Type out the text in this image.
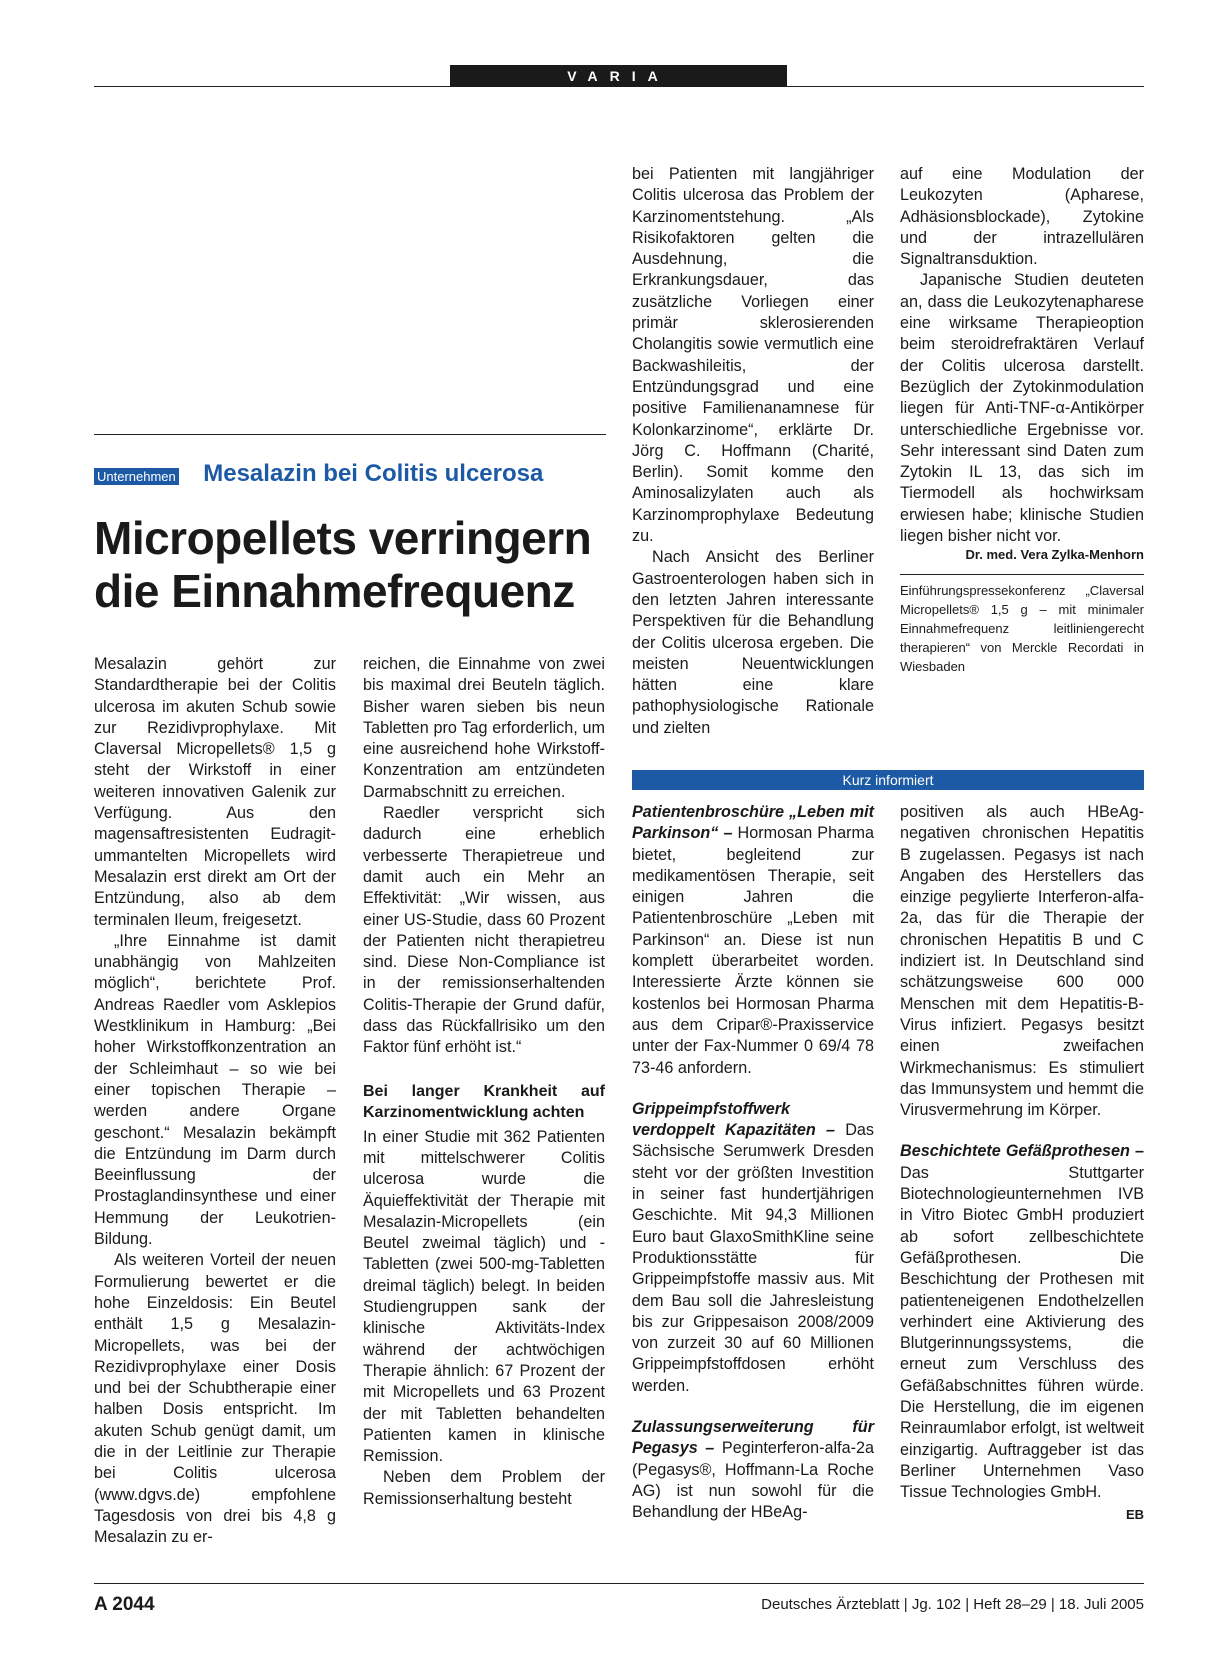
VARIA
Unternehmen Mesalazin bei Colitis ulcerosa
Micropellets verringern
die Einnahmefrequenz

Mesalazin gehört zur Standardtherapie bei der Colitis ulcerosa im akuten Schub sowie zur Rezidivprophylaxe. Mit Claversal Micropellets® 1,5 g steht der Wirkstoff in einer weiteren innovativen Galenik zur Verfügung. Aus den magensaftresistenten Eudragit-ummantelten Micropellets wird Mesalazin erst direkt am Ort der Entzündung, also ab dem terminalen Ileum, freigesetzt.

„Ihre Einnahme ist damit unabhängig von Mahlzeiten möglich“, berichtete Prof. Andreas Raedler vom Asklepios Westklinikum in Hamburg: „Bei hoher Wirkstoffkonzentration an der Schleimhaut – so wie bei einer topischen Therapie – werden andere Organe geschont.“ Mesalazin bekämpft die Entzündung im Darm durch Beeinflussung der Prostaglandinsynthese und einer Hemmung der Leukotrien-Bildung.

Als weiteren Vorteil der neuen Formulierung bewertet er die hohe Einzeldosis: Ein Beutel enthält 1,5 g Mesalazin-Micropellets, was bei der Rezidivprophylaxe einer Dosis und bei der Schubtherapie einer halben Dosis entspricht. Im akuten Schub genügt damit, um die in der Leitlinie zur Therapie bei Colitis ulcerosa (www.dgvs.de) empfohlene Tagesdosis von drei bis 4,8 g Mesalazin zu er-

reichen, die Einnahme von zwei bis maximal drei Beuteln täglich. Bisher waren sieben bis neun Tabletten pro Tag erforderlich, um eine ausreichend hohe Wirkstoff-Konzentration am entzündeten Darmabschnitt zu erreichen.

Raedler verspricht sich dadurch eine erheblich verbesserte Therapietreue und damit auch ein Mehr an Effektivität: „Wir wissen, aus einer US-Studie, dass 60 Prozent der Patienten nicht therapietreu sind. Diese Non-Compliance ist in der remissionserhaltenden Colitis-Therapie der Grund dafür, dass das Rückfallrisiko um den Faktor fünf erhöht ist.“

Bei langer Krankheit auf Karzinomentwicklung achten

In einer Studie mit 362 Patienten mit mittelschwerer Colitis ulcerosa wurde die Äquieffektivität der Therapie mit Mesalazin-Micropellets (ein Beutel zweimal täglich) und -Tabletten (zwei 500-mg-Tabletten dreimal täglich) belegt. In beiden Studiengruppen sank der klinische Aktivitäts-Index während der achtwöchigen Therapie ähnlich: 67 Prozent der mit Micropellets und 63 Prozent der mit Tabletten behandelten Patienten kamen in klinische Remission.

Neben dem Problem der Remissionserhaltung besteht

bei Patienten mit langjähriger Colitis ulcerosa das Problem der Karzinomentstehung. „Als Risikofaktoren gelten die Ausdehnung, die Erkrankungsdauer, das zusätzliche Vorliegen einer primär sklerosierenden Cholangitis sowie vermutlich eine Backwashileitis, der Entzündungsgrad und eine positive Familienanamnese für Kolonkarzinome“, erklärte Dr. Jörg C. Hoffmann (Charité, Berlin). Somit komme den Aminosalizylaten auch als Karzinomprophylaxe Bedeutung zu.

Nach Ansicht des Berliner Gastroenterologen haben sich in den letzten Jahren interessante Perspektiven für die Behandlung der Colitis ulcerosa ergeben. Die meisten Neuentwicklungen hätten eine klare pathophysiologische Rationale und zielten

auf eine Modulation der Leukozyten (Apharese, Adhäsionsblockade), Zytokine und der intrazellulären Signaltransduktion.

Japanische Studien deuteten an, dass die Leukozytenapharese eine wirksame Therapieoption beim steroidrefraktären Verlauf der Colitis ulcerosa darstellt. Bezüglich der Zytokinmodulation liegen für Anti-TNF-α-Antikörper unterschiedliche Ergebnisse vor. Sehr interessant sind Daten zum Zytokin IL 13, das sich im Tiermodell als hochwirksam erwiesen habe; klinische Studien liegen bisher nicht vor.

Dr. med. Vera Zylka-Menhorn
Einführungspressekonferenz „Claversal Micropellets® 1,5 g – mit minimaler Einnahmefrequenz leitliniengerecht therapieren“ von Merckle Recordati in Wiesbaden
Kurz informiert

Patientenbroschüre „Leben mit Parkinson“ – Hormosan Pharma bietet, begleitend zur medikamentösen Therapie, seit einigen Jahren die Patientenbroschüre „Leben mit Parkinson“ an. Diese ist nun komplett überarbeitet worden. Interessierte Ärzte können sie kostenlos bei Hormosan Pharma aus dem Cripar®-Praxisservice unter der Fax-Nummer 0 69/4 78 73-46 anfordern.

Grippeimpfstoffwerk verdoppelt Kapazitäten – Das Sächsische Serumwerk Dresden steht vor der größten Investition in seiner fast hundertjährigen Geschichte. Mit 94,3 Millionen Euro baut GlaxoSmithKline seine Produktionsstätte für Grippeimpfstoffe massiv aus. Mit dem Bau soll die Jahresleistung bis zur Grippesaison 2008/2009 von zurzeit 30 auf 60 Millionen Grippeimpfstoffdosen erhöht werden.

Zulassungserweiterung für Pegasys – Peginterferon-alfa-2a (Pegasys®, Hoffmann-La Roche AG) ist nun sowohl für die Behandlung der HBeAg-

positiven als auch HBeAg-negativen chronischen Hepatitis B zugelassen. Pegasys ist nach Angaben des Herstellers das einzige pegylierte Interferon-alfa-2a, das für die Therapie der chronischen Hepatitis B und C indiziert ist. In Deutschland sind schätzungsweise 600 000 Menschen mit dem Hepatitis-B-Virus infiziert. Pegasys besitzt einen zweifachen Wirkmechanismus: Es stimuliert das Immunsystem und hemmt die Virusvermehrung im Körper.

Beschichtete Gefäßprothesen – Das Stuttgarter Biotechnologieunternehmen IVB in Vitro Biotec GmbH produziert ab sofort zellbeschichtete Gefäßprothesen. Die Beschichtung der Prothesen mit patienteneigenen Endothelzellen verhindert eine Aktivierung des Blutgerinnungssystems, die erneut zum Verschluss des Gefäßabschnittes führen würde. Die Herstellung, die im eigenen Reinraumlabor erfolgt, ist weltweit einzigartig. Auftraggeber ist das Berliner Unternehmen Vaso Tissue Technologies GmbH.

EB
A 2044	Deutsches Ärzteblatt | Jg. 102 | Heft 28–29 | 18. Juli 2005
